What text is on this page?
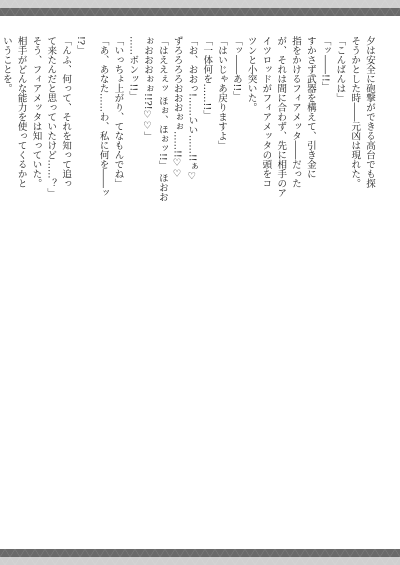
夕は安全に砲撃ができる高台でも探
そうかとした時――元凶は現れた。
「こんばんは」
「ッ――!!」
すかさず武器を構えて、引き金に
指をかけるフィアメッタ――だった
が、それは間に合わず、先に相手のア
イツロッドがフィアメッタの頭をコ
ツンと小突いた。
「ッ――あ!!」
「はいじゃあ戻りますよ」
「一体何を……!!」
「お、おおっ!……いい……!!ぁ♡
ずろろろろおおおぉぉ……!!♡♡
「はええぇッ ほぉ、ほぉッ!!」 ほおお
ぉおおおぉぉ!!?!♡♡」
……ボンッ!!」
「いっちょ上がり、てなもんでね」
「あ、あなた……わ、私に何を――ッ
!?」
「んふ、何って、それを知って追っ
て来たんだと思っていたけど……？」
そう、フィアメッタは知っていた。
相手がどんな能力を使ってくるかと
いうことを。
